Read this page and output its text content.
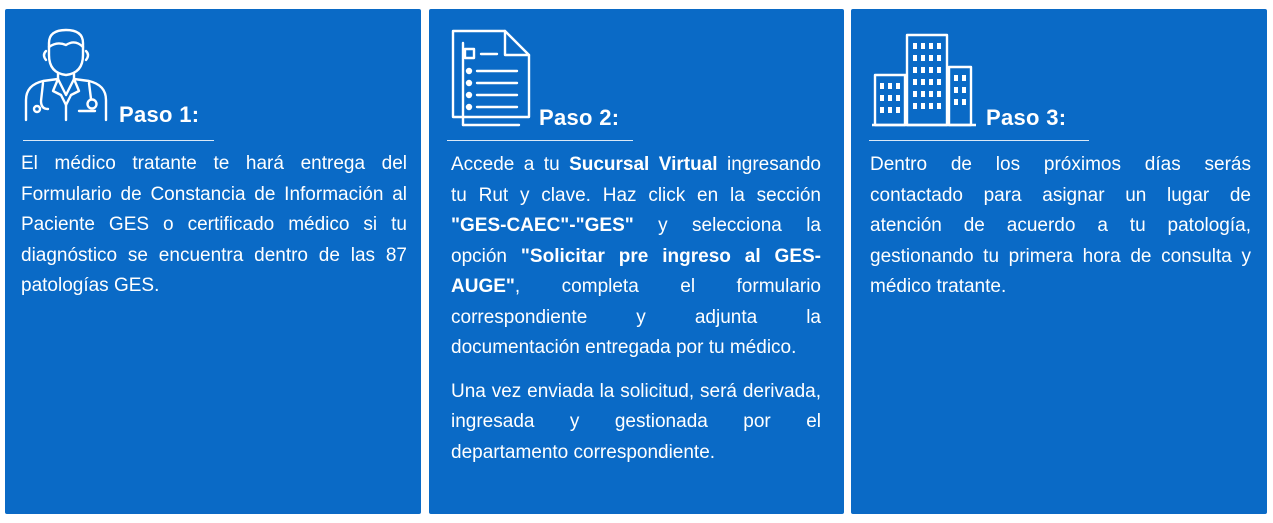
Paso 1:
El médico tratante te hará entrega del Formulario de Constancia de Información al Paciente GES o certificado médico si tu diagnóstico se encuentra dentro de las 87 patologías GES.
Paso 2:

Accede a tu Sucursal Virtual ingresando tu Rut y clave. Haz click en la sección "GES-CAEC"-"GES" y selecciona la opción "Solicitar pre ingreso al GES-AUGE", completa el formulario correspondiente y adjunta la documentación entregada por tu médico.

Una vez enviada la solicitud, será derivada, ingresada y gestionada por el departamento correspondiente.

Paso 3:
Dentro de los próximos días serás contactado para asignar un lugar de atención de acuerdo a tu patología, gestionando tu primera hora de consulta y médico tratante.
